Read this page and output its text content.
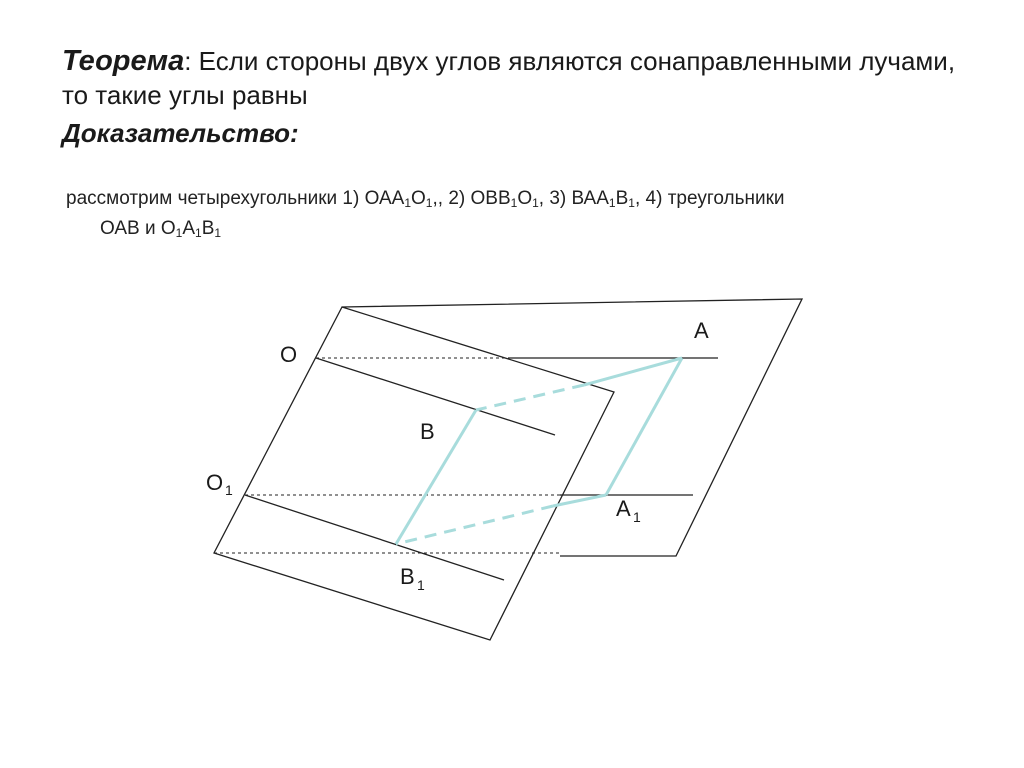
Теорема: Если стороны двух углов являются сонаправленными лучами, то такие углы равны
Доказательство:
рассмотрим четырехугольники 1) $ОАА_1О_1$,, 2) $ОВВ_1О_1$, 3) $ВАА_1В_1$, 4) треугольники
ОАВ и $О_1А_1В_1$
O
A
B
O 1
A 1
B 1
